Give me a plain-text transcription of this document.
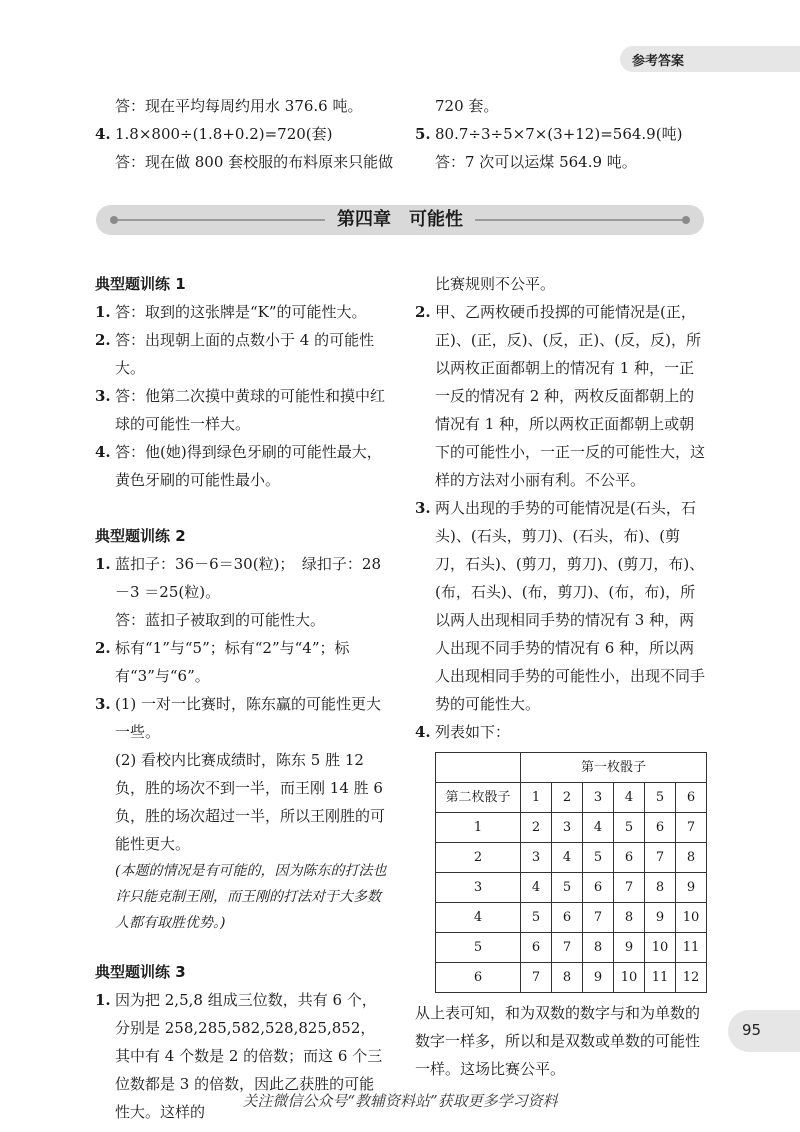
参考答案
答：现在平均每周约用水 376.6 吨。
4. 1.8×800÷(1.8+0.2)=720(套)
答：现在做 800 套校服的布料原来只能做
720 套。
5. 80.7÷3÷5×7×(3+12)=564.9(吨)
答：7 次可以运煤 564.9 吨。
第四章　可能性
典型题训练 1
1. 答：取到的这张牌是“K”的可能性大。
2. 答：出现朝上面的点数小于 4 的可能性大。
3. 答：他第二次摸中黄球的可能性和摸中红球的可能性一样大。
4. 答：他(她)得到绿色牙刷的可能性最大，黄色牙刷的可能性最小。
典型题训练 2
1. 蓝扣子：36－6＝30(粒)；　绿扣子：28－3 ＝25(粒)。
答：蓝扣子被取到的可能性大。
2. 标有“1”与“5”；标有“2”与“4”；标有“3”与“6”。
3. (1) 一对一比赛时，陈东赢的可能性更大一些。
(2) 看校内比赛成绩时，陈东 5 胜 12 负，胜的场次不到一半，而王刚 14 胜 6 负，胜的场次超过一半，所以王刚胜的可能性更大。
(本题的情况是有可能的，因为陈东的打法也许只能克制王刚，而王刚的打法对于大多数人都有取胜优势。)
典型题训练 3
1. 因为把 2,5,8 组成三位数，共有 6 个，分别是 258,285,582,528,825,852，其中有 4 个数是 2 的倍数；而这 6 个三位数都是 3 的倍数，因此乙获胜的可能性大。这样的
比赛规则不公平。
2. 甲、乙两枚硬币投掷的可能情况是(正，正)、(正，反)、(反，正)、(反，反)，所以两枚正面都朝上的情况有 1 种，一正一反的情况有 2 种，两枚反面都朝上的情况有 1 种，所以两枚正面都朝上或朝下的可能性小，一正一反的可能性大，这样的方法对小丽有利。不公平。
3. 两人出现的手势的可能情况是(石头，石头)、(石头，剪刀)、(石头，布)、(剪刀，石头)、(剪刀，剪刀)、(剪刀，布)、(布，石头)、(布，剪刀)、(布，布)，所以两人出现相同手势的情况有 3 种，两人出现不同手势的情况有 6 种，所以两人出现相同手势的可能性小，出现不同手势的可能性大。
4. 列表如下：
	第一枚骰子					
第二枚骰子	1	2	3	4	5	6
1	2	3	4	5	6	7
2	3	4	5	6	7	8
3	4	5	6	7	8	9
4	5	6	7	8	9	10
5	6	7	8	9	10	11
6	7	8	9	10	11	12
从上表可知，和为双数的数字与和为单数的数字一样多，所以和是双数或单数的可能性一样。这场比赛公平。
95
关注微信公众号“教辅资料站”获取更多学习资料
